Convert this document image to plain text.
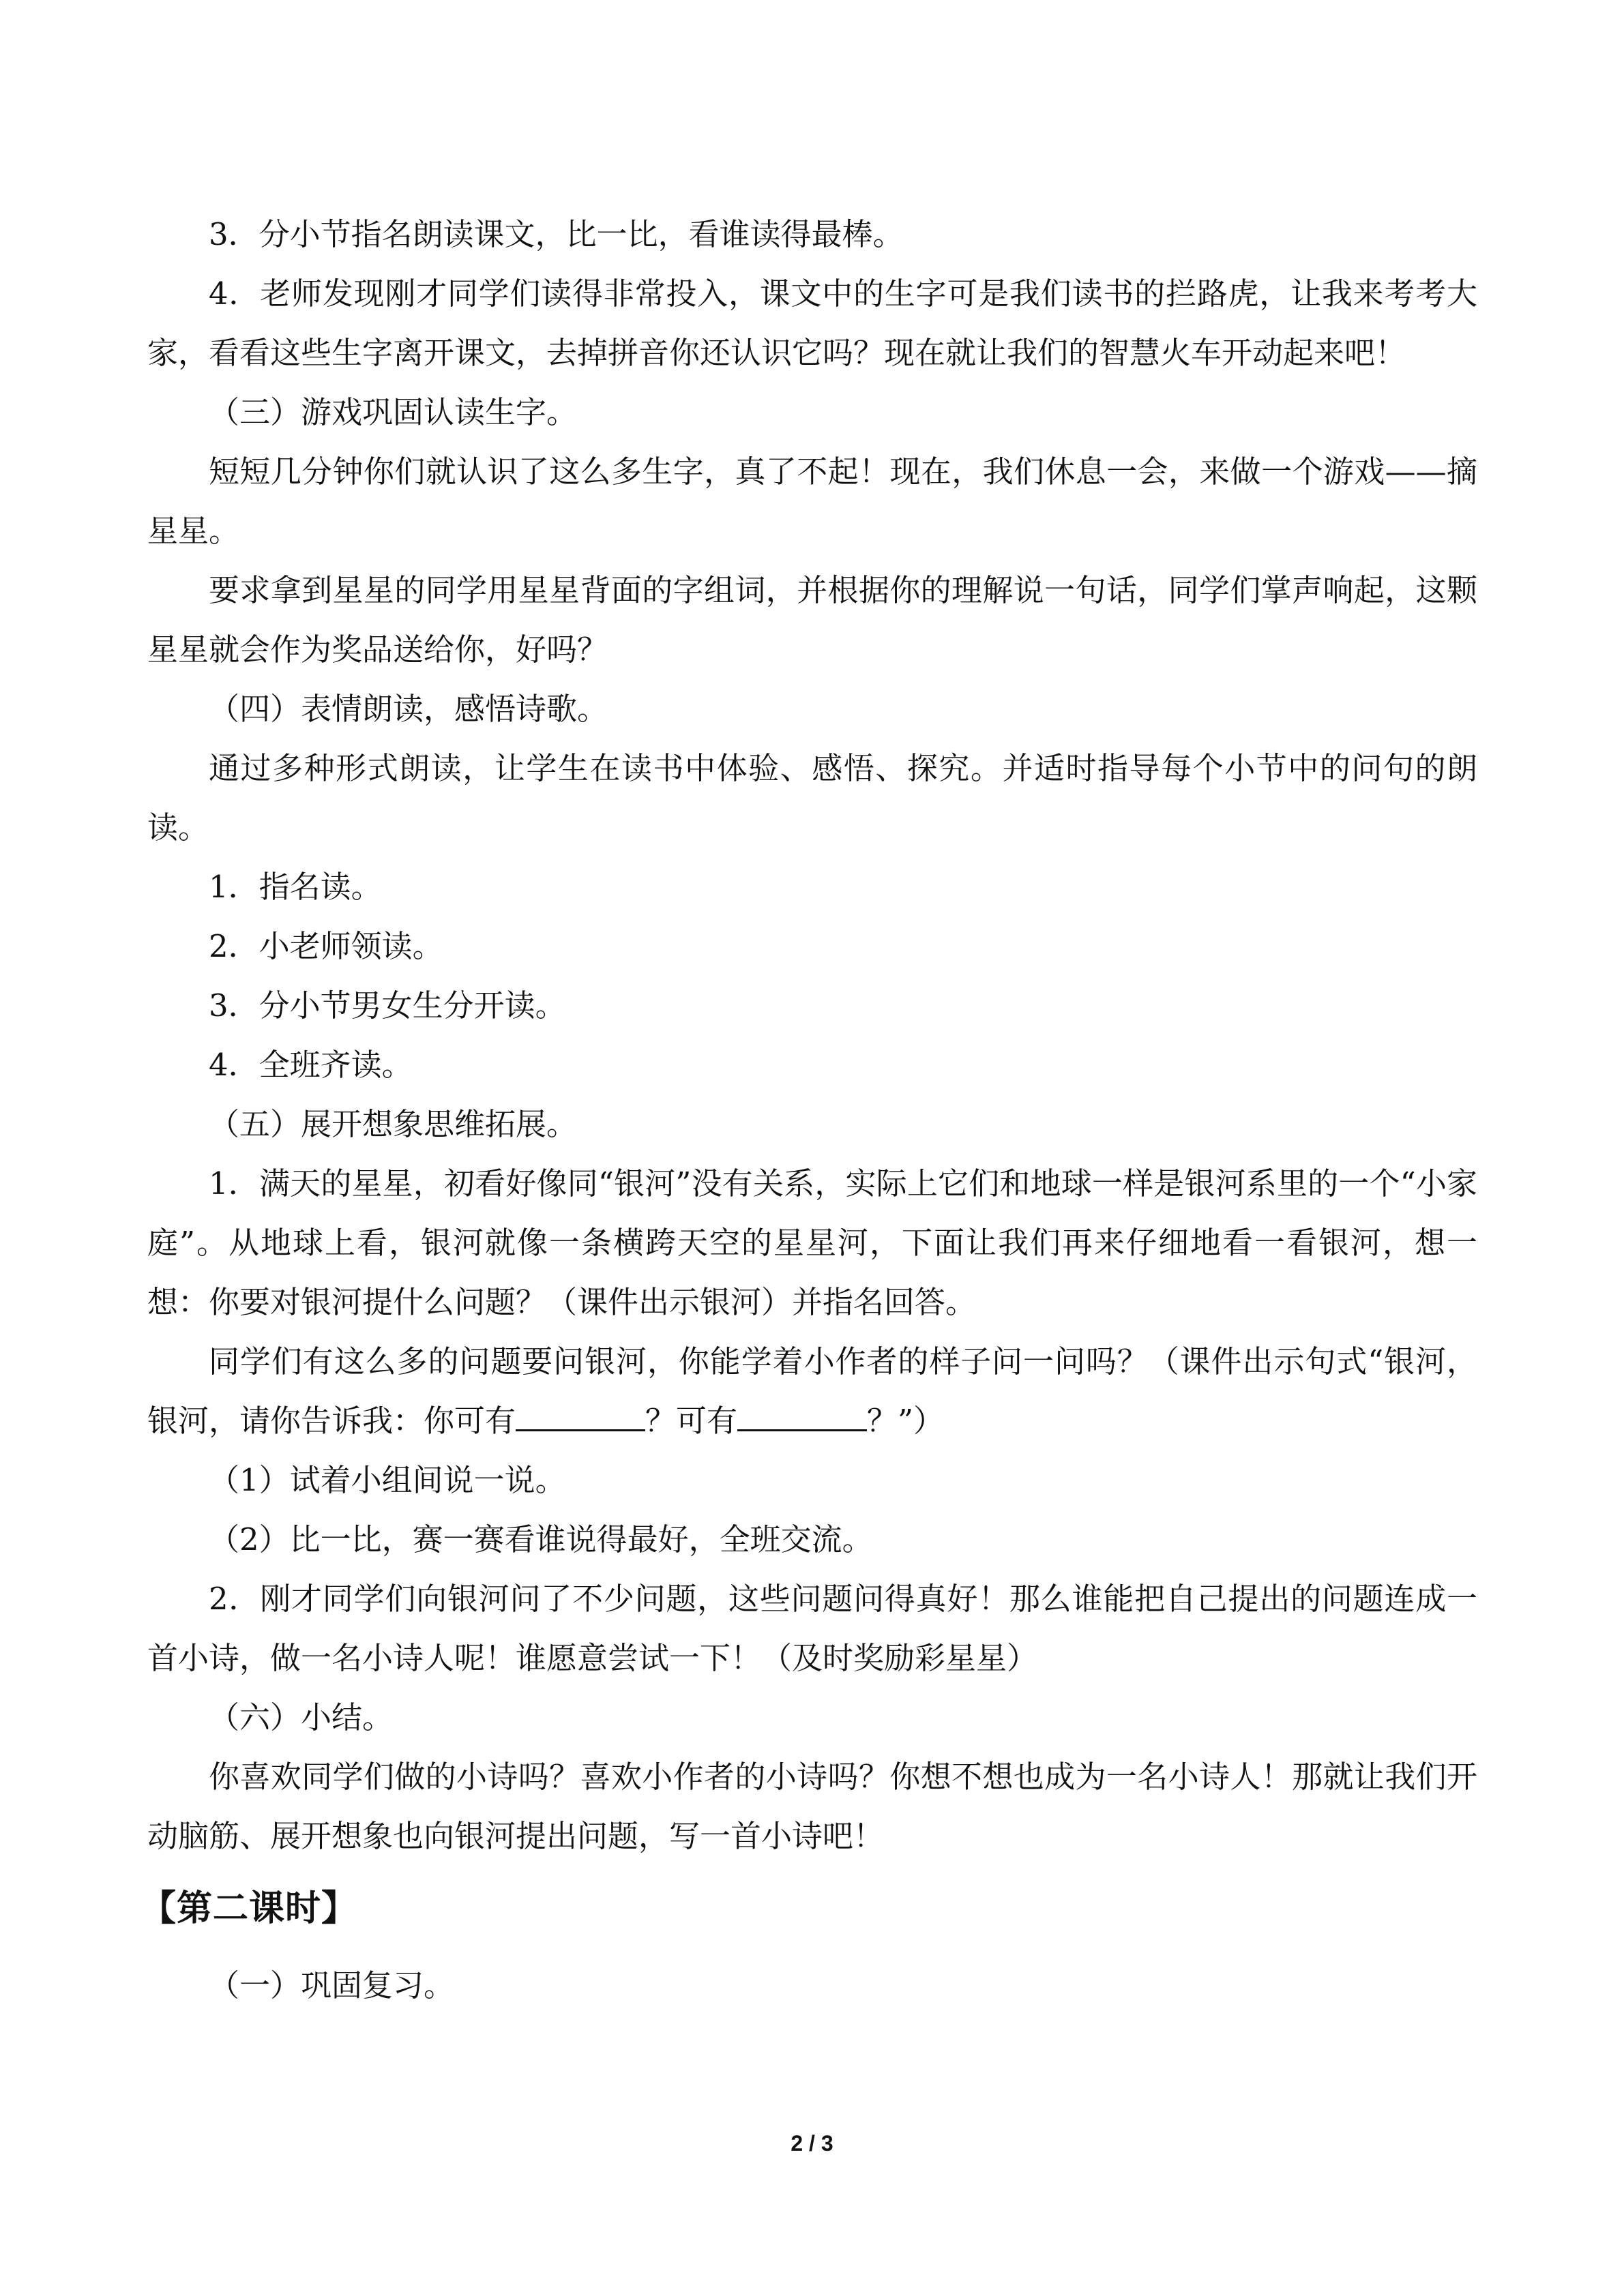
3．分小节指名朗读课文，比一比，看谁读得最棒。

4．老师发现刚才同学们读得非常投入，课文中的生字可是我们读书的拦路虎，让我来考考大家，看看这些生字离开课文，去掉拼音你还认识它吗？现在就让我们的智慧火车开动起来吧！

（三）游戏巩固认读生字。

短短几分钟你们就认识了这么多生字，真了不起！现在，我们休息一会，来做一个游戏——摘星星。

要求拿到星星的同学用星星背面的字组词，并根据你的理解说一句话，同学们掌声响起，这颗星星就会作为奖品送给你，好吗？

（四）表情朗读，感悟诗歌。

通过多种形式朗读，让学生在读书中体验、感悟、探究。并适时指导每个小节中的问句的朗读。

1．指名读。

2．小老师领读。

3．分小节男女生分开读。

4．全班齐读。

（五）展开想象思维拓展。

1．满天的星星，初看好像同“银河”没有关系，实际上它们和地球一样是银河系里的一个“小家庭”。从地球上看，银河就像一条横跨天空的星星河，下面让我们再来仔细地看一看银河，想一想：你要对银河提什么问题？（课件出示银河）并指名回答。

同学们有这么多的问题要问银河，你能学着小作者的样子问一问吗？（课件出示句式“银河，银河，请你告诉我：你可有	？可有	？”）

（1）试着小组间说一说。

（2）比一比，赛一赛看谁说得最好，全班交流。

2．刚才同学们向银河问了不少问题，这些问题问得真好！那么谁能把自己提出的问题连成一首小诗，做一名小诗人呢！谁愿意尝试一下！（及时奖励彩星星）

（六）小结。

你喜欢同学们做的小诗吗？喜欢小作者的小诗吗？你想不想也成为一名小诗人！那就让我们开动脑筋、展开想象也向银河提出问题，写一首小诗吧！

【第二课时】

（一）巩固复习。

2 / 3
